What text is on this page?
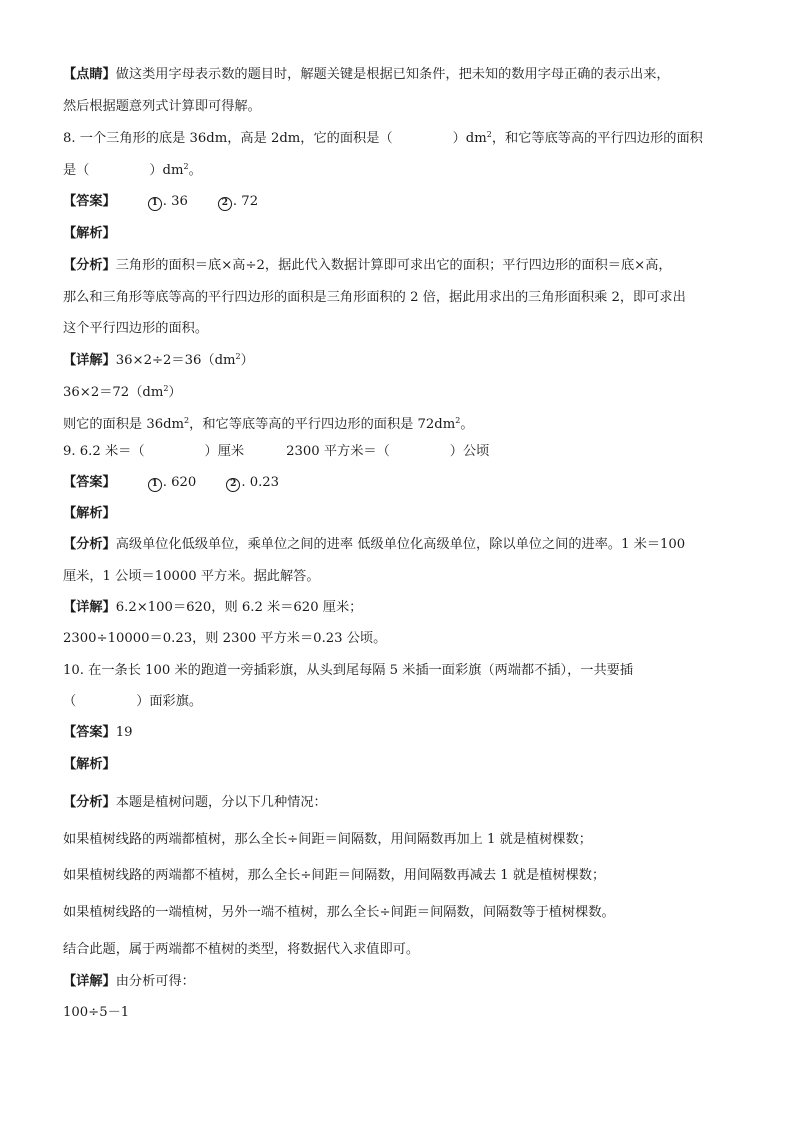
【点睛】做这类用字母表示数的题目时，解题关键是根据已知条件，把未知的数用字母正确的表示出来，
然后根据题意列式计算即可得解。
8. 一个三角形的底是 36dm，高是 2dm，它的面积是（	）$dm^2$，和它等底等高的平行四边形的面积
是（	）$dm^2$。
【答案】	1 . 36	2 . 72
【解析】
【分析】三角形的面积＝底×高÷2，据此代入数据计算即可求出它的面积；平行四边形的面积＝底×高，
那么和三角形等底等高的平行四边形的面积是三角形面积的 2 倍，据此用求出的三角形面积乘 2，即可求出
这个平行四边形的面积。
【详解】$36\times 2\div 2=36(dm^2)$
$36\times 2=72(dm^2)$
则它的面积是 $36dm^2$，和它等底等高的平行四边形的面积是 $72dm^2$。
9. 6.2 米＝（	）厘米	2300 平方米＝（	）公顷
【答案】	1 . 620	2 . 0.23
【解析】
【分析】高级单位化低级单位，乘单位之间的进率 低级单位化高级单位，除以单位之间的进率。1 米＝100
厘米，1 公顷＝10000 平方米。据此解答。
【详解】6.2×100＝620，则 6.2 米＝620 厘米；
2300÷10000＝0.23，则 2300 平方米＝0.23 公顷。
10. 在一条长 100 米的跑道一旁插彩旗，从头到尾每隔 5 米插一面彩旗（两端都不插），一共要插
（	）面彩旗。
【答案】19
【解析】
【分析】本题是植树问题，分以下几种情况：
如果植树线路的两端都植树，那么全长÷间距＝间隔数，用间隔数再加上 1 就是植树棵数；
如果植树线路的两端都不植树，那么全长÷间距＝间隔数，用间隔数再减去 1 就是植树棵数；
如果植树线路的一端植树，另外一端不植树，那么全长÷间距＝间隔数，间隔数等于植树棵数。
结合此题，属于两端都不植树的类型，将数据代入求值即可。
【详解】由分析可得：
100÷5－1
